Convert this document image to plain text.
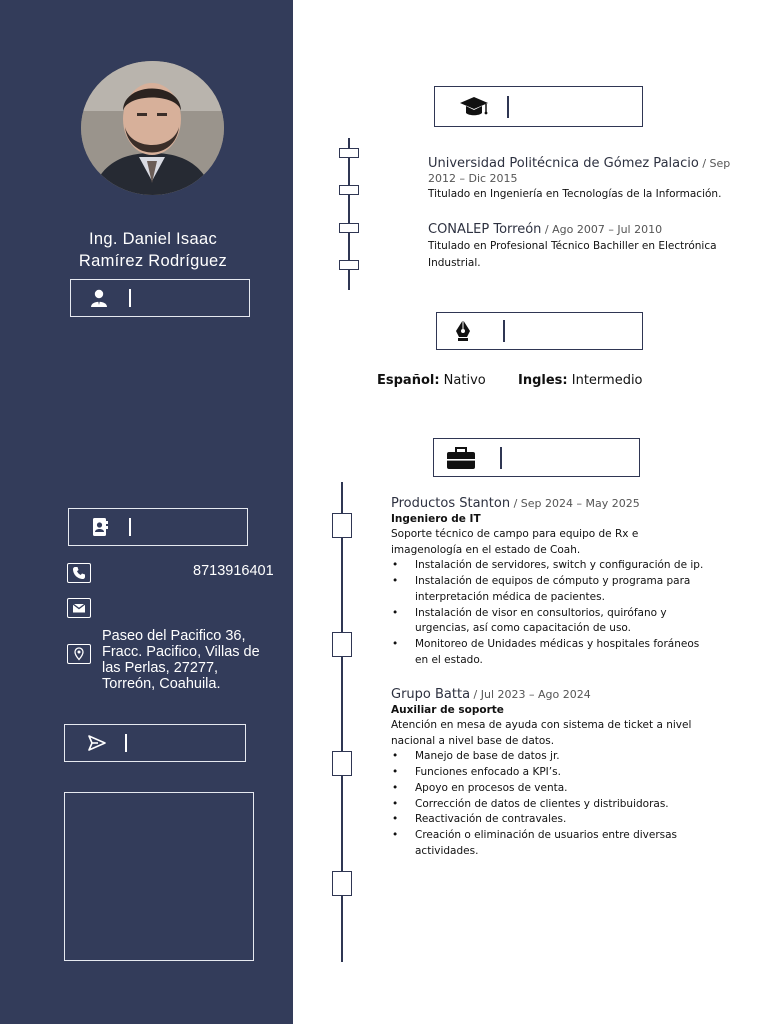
Ing. Daniel Isaac
Ramírez Rodríguez
8713916401
Paseo del Pacifico 36,
Fracc. Pacifico, Villas de
las Perlas, 27277,
Torreón, Coahuila.
Universidad Politécnica de Gómez Palacio / Sep
2012 – Dic 2015
Titulado en Ingeniería en Tecnologías de la Información.
CONALEP Torreón / Ago 2007 – Jul 2010
Titulado en Profesional Técnico Bachiller en Electrónica
Industrial.
Español: Nativo Ingles: Intermedio
Productos Stanton / Sep 2024 – May 2025
Ingeniero de IT
Soporte técnico de campo para equipo de Rx e
imagenología en el estado de Coah.
• Instalación de servidores, switch y configuración de ip.
• Instalación de equipos de cómputo y programa para
interpretación médica de pacientes.
• Instalación de visor en consultorios, quirófano y
urgencias, así como capacitación de uso.
• Monitoreo de Unidades médicas y hospitales foráneos
en el estado.
Grupo Batta / Jul 2023 – Ago 2024
Auxiliar de soporte
Atención en mesa de ayuda con sistema de ticket a nivel
nacional a nivel base de datos.
• Manejo de base de datos jr.
• Funciones enfocado a KPI’s.
• Apoyo en procesos de venta.
• Corrección de datos de clientes y distribuidoras.
• Reactivación de contravales.
• Creación o eliminación de usuarios entre diversas
actividades.
